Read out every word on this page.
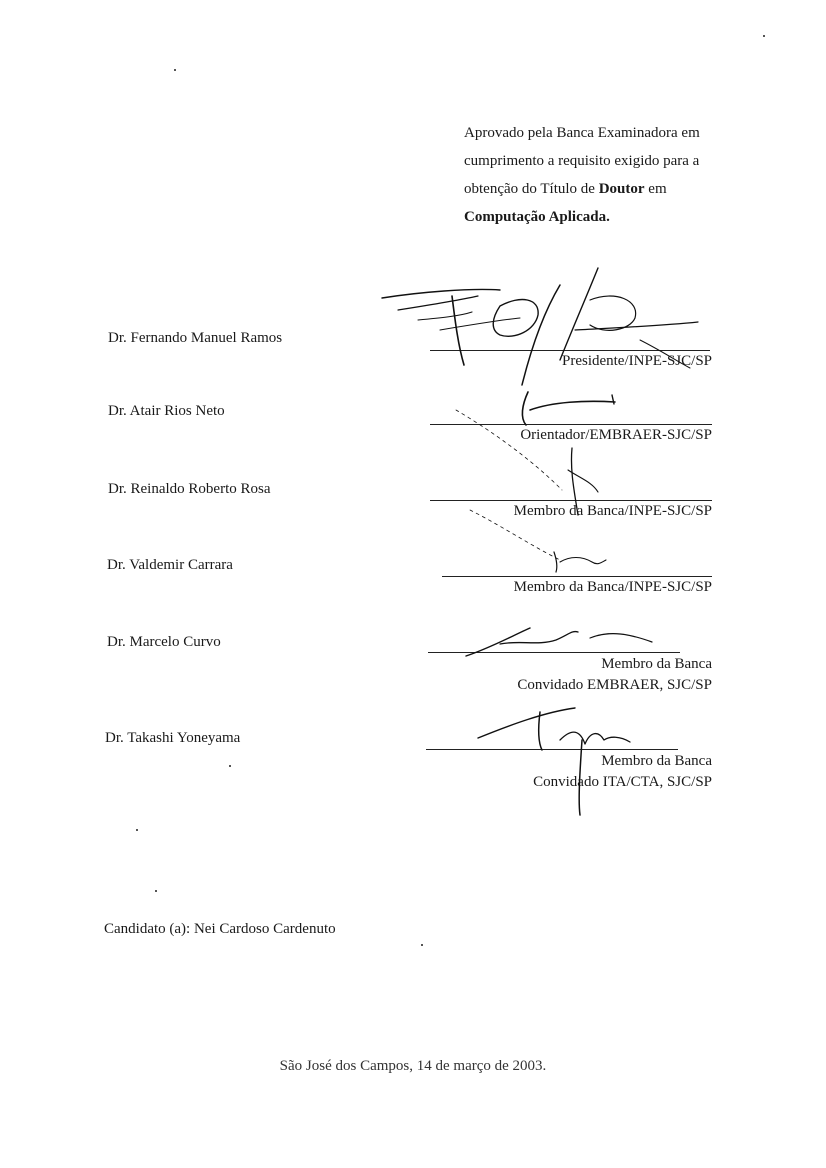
Aprovado pela Banca Examinadora em
cumprimento a requisito exigido para a
obtenção do Título de Doutor em
Computação Aplicada.
Dr. Fernando Manuel Ramos
Presidente/INPE-SJC/SP
Dr. Atair Rios Neto
Orientador/EMBRAER-SJC/SP
Dr. Reinaldo Roberto Rosa
Membro da Banca/INPE-SJC/SP
Dr. Valdemir Carrara
Membro da Banca/INPE-SJC/SP
Dr. Marcelo Curvo
Membro da Banca
Convidado EMBRAER, SJC/SP
Dr. Takashi Yoneyama
Membro da Banca
Convidado ITA/CTA, SJC/SP
Candidato (a): Nei Cardoso Cardenuto
São José dos Campos, 14 de março de 2003.
